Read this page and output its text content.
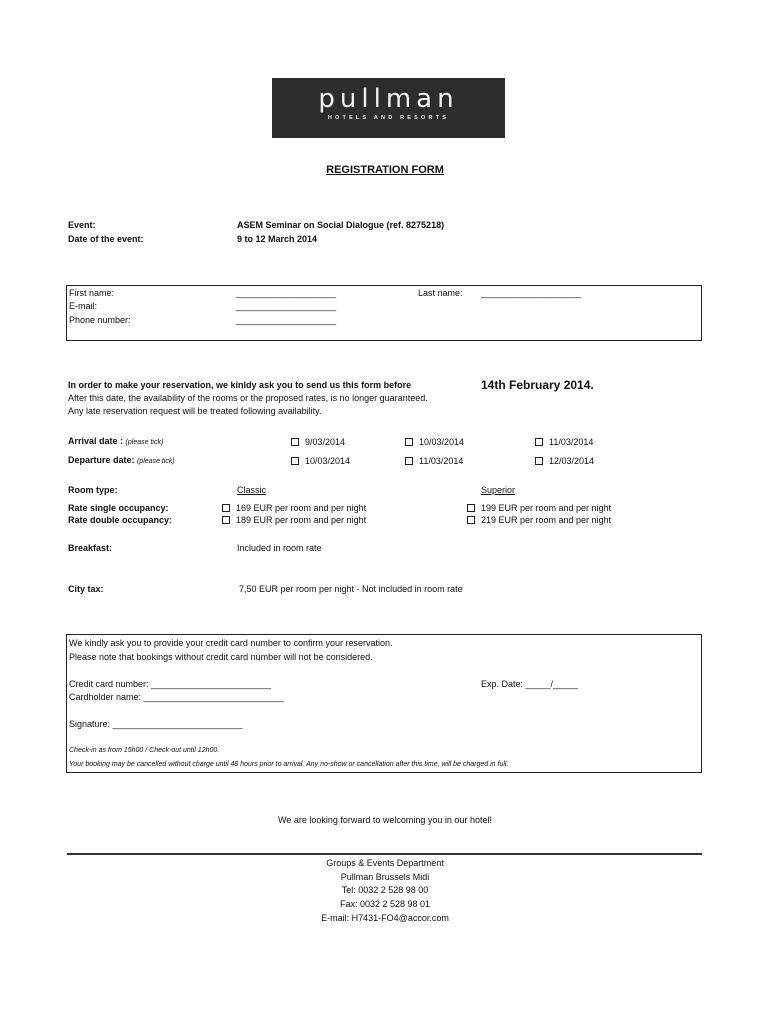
pullman
HOTELS AND RESORTS
REGISTRATION FORM
Event:	ASEM Seminar on Social Dialogue (ref. 8275218)
Date of the event:	9 to 12 March 2014
First name:	____________________	Last name: ____________________
E-mail:	____________________
Phone number:	____________________
In order to make your reservation, we kinldy ask you to send us this form before	14th February 2014.
After this date, the availability of the rooms or the proposed rates, is no longer guaranteed.
Any late reservation request will be treated following availability.
Arrival date : (please tick)	9/03/2014	10/03/2014	11/03/2014
Departure date: (please tick)	10/03/2014	11/03/2014	12/03/2014
Room type:	Classic	Superior
Rate single occupancy:	169 EUR per room and per night	199 EUR per room and per night
Rate double occupancy:	189 EUR per room and per night	219 EUR per room and per night
Breakfast:	Included in room rate
City tax:	7,50 EUR per room per night - Not included in room rate
We kindly ask you to provide your credit card number to confirm your reservation.
Please note that bookings without credit card number will not be considered.
Credit card number: ________________________	Exp. Date: _____/_____
Cardholder name: ____________________________
Signature: __________________________
Check-in as from 15h00 / Check-out until 12h00.
Your booking may be cancelled without charge until 48 hours prior to arrival. Any no-show or cancellation after this time, will be charged in full.
We are looking forward to welcoming you in our hotel!
Groups & Events Department
Pullman Brussels Midi
Tel: 0032 2 528 98 00
Fax: 0032 2 528 98 01
E-mail: H7431-FO4@accor.com
